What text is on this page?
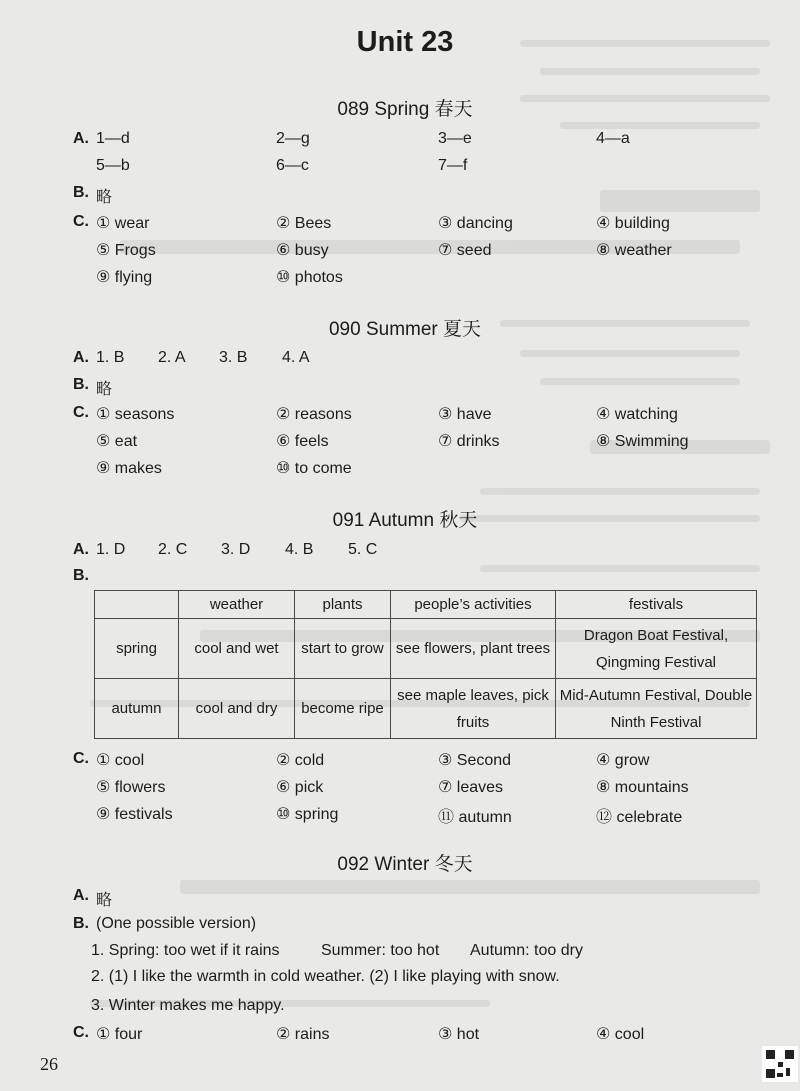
Unit 23
089 Spring 春天
A. 1—d	2—g	3—e	4—a
5—b	6—c	7—f
B. 略
C. ① wear	② Bees	③ dancing	④ building
⑤ Frogs	⑥ busy	⑦ seed	⑧ weather
⑨ flying	⑩ photos
090 Summer 夏天
A. 1. B 2. A 3. B 4. A
B. 略
C. ① seasons	② reasons	③ have	④ watching
⑤ eat	⑥ feels	⑦ drinks	⑧ Swimming
⑨ makes	⑩ to come
091 Autumn 秋天
A. 1. D 2. C 3. D 4. B 5. C
B.
	weather	plants	people’s activities	festivals
spring	cool and wet	start to grow	see flowers, plant trees	Dragon Boat Festival, Qingming Festival
autumn	cool and dry	become ripe	see maple leaves, pick fruits	Mid-Autumn Festival, Double Ninth Festival
C. ① cool	② cold	③ Second	④ grow
⑤ flowers	⑥ pick	⑦ leaves	⑧ mountains
⑨ festivals	⑩ spring	⑪ autumn	⑫ celebrate
092 Winter 冬天
A. 略
B. (One possible version)
1. Spring: too wet if it rains	Summer: too hot Autumn: too dry
2. (1) I like the warmth in cold weather. (2) I like playing with snow.
3. Winter makes me happy.
C. ① four	② rains	③ hot	④ cool
26
